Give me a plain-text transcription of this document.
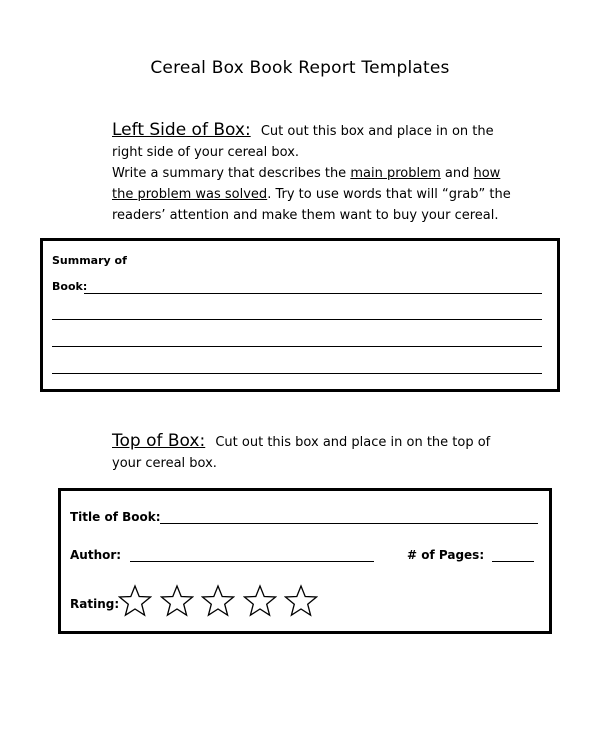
Cereal Box Book Report Templates
Left Side of Box: Cut out this box and place in on the
right side of your cereal box.
Write a summary that describes the main problem and how
the problem was solved. Try to use words that will “grab” the
readers’ attention and make them want to buy your cereal.
Summary of
Book:
Top of Box: Cut out this box and place in on the top of
your cereal box.
Title of Book:
Author:	# of Pages:
Rating:
